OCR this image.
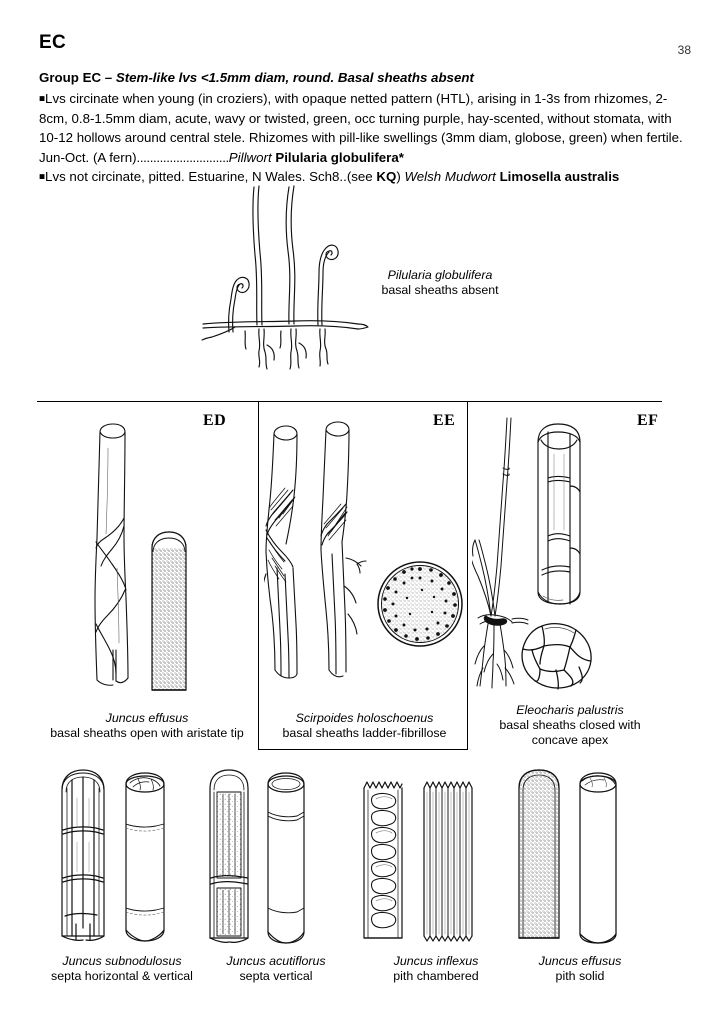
EC	38
Group EC – Stem-like lvs <1.5mm diam, round. Basal sheaths absent
■Lvs circinate when young (in croziers), with opaque netted pattern (HTL), arising in 1-3s from rhizomes, 2-8cm, 0.8-1.5mm diam, acute, wavy or twisted, green, occ turning purple, hay-scented, without stomata, with 10-12 hollows around central stele. Rhizomes with pill-like swellings (3mm diam, globose, green) when fertile. Jun-Oct. (A fern)............................Pillwort Pilularia globulifera*
■Lvs not circinate, pitted. Estuarine, N Wales. Sch8..(see KQ) Welsh Mudwort Limosella australis
Pilularia globulifera
basal sheaths absent
ED
Juncus effusus
basal sheaths open with aristate tip
EE
Scirpoides holoschoenus
basal sheaths ladder-fibrillose
EF
Eleocharis palustris
basal sheaths closed with
concave apex
Juncus subnodulosus
septa horizontal & vertical
Juncus acutiflorus
septa vertical
Juncus inflexus
pith chambered
Juncus effusus
pith solid
